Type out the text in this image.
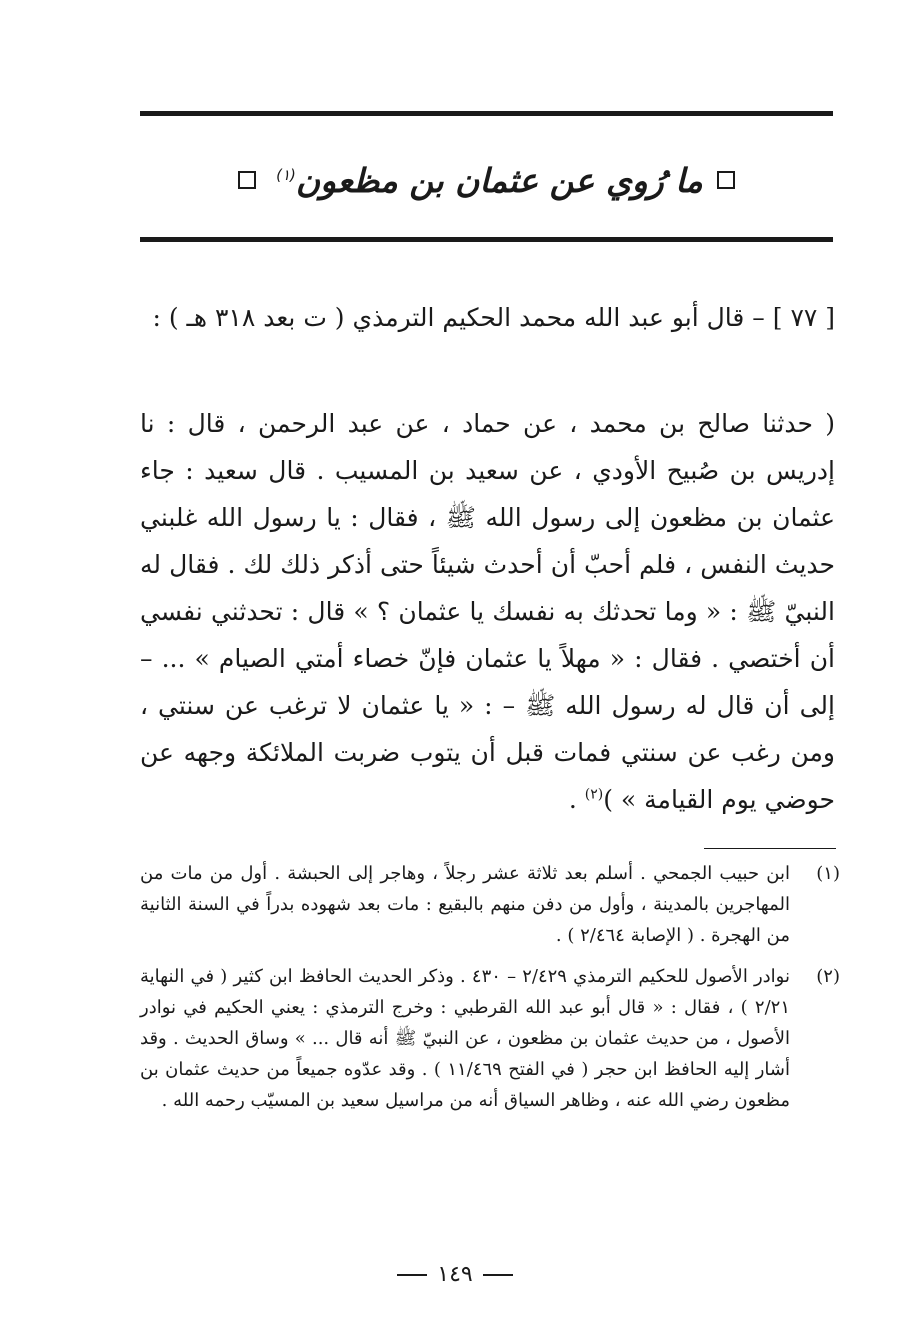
ما رُوي عن عثمان بن مظعون$^{(١)}$
[ ٧٧ ] – قال أبو عبد الله محمد الحكيم الترمذي ( ت بعد ٣١٨ هـ ) :
( حدثنا صالح بن محمد ، عن حماد ، عن عبد الرحمن ، قال : نا إدريس بن صُبيح الأودي ، عن سعيد بن المسيب . قال سعيد : جاء عثمان بن مظعون إلى رسول الله ﷺ ، فقال : يا رسول الله غلبني حديث النفس ، فلم أحبّ أن أحدث شيئاً حتى أذكر ذلك لك . فقال له النبيّ ﷺ : « وما تحدثك به نفسك يا عثمان ؟ » قال : تحدثني نفسي أن أختصي . فقال : « مهلاً يا عثمان فإنّ خصاء أمتي الصيام » ... – إلى أن قال له رسول الله ﷺ – : « يا عثمان لا ترغب عن سنتي ، ومن رغب عن سنتي فمات قبل أن يتوب ضربت الملائكة وجهه عن حوضي يوم القيامة » )$^{(٢)}$ .
(١)
ابن حبيب الجمحي . أسلم بعد ثلاثة عشر رجلاً ، وهاجر إلى الحبشة . أول من مات من المهاجرين بالمدينة ، وأول من دفن منهم بالبقيع : مات بعد شهوده بدراً في السنة الثانية من الهجرة . ( الإصابة ٢/٤٦٤ ) .
(٢)
نوادر الأصول للحكيم الترمذي ٢/٤٢٩ – ٤٣٠ . وذكر الحديث الحافظ ابن كثير ( في النهاية ٢/٢١ ) ، فقال : « قال أبو عبد الله القرطبي : وخرج الترمذي : يعني الحكيم في نوادر الأصول ، من حديث عثمان بن مظعون ، عن النبيّ ﷺ أنه قال ... » وساق الحديث . وقد أشار إليه الحافظ ابن حجر ( في الفتح ١١/٤٦٩ ) . وقد عدّوه جميعاً من حديث عثمان بن مظعون رضي الله عنه ، وظاهر السياق أنه من مراسيل سعيد بن المسيّب رحمه الله .
١٤٩
